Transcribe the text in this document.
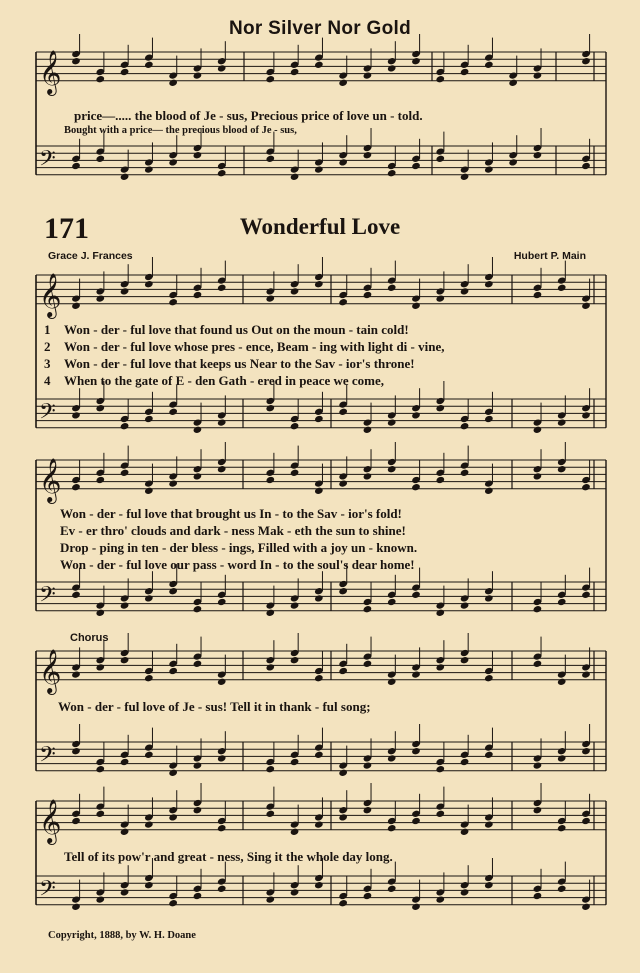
Nor Silver Nor Gold
𝄞
𝄢
𝄞
𝄢
𝄞
𝄢
𝄞
𝄢
𝄞
𝄢
price—..... the blood of Je - sus, Precious price of love un - told.
Bought with a price— the precious blood of Je - sus,
171	Wonderful Love
Grace J. Frances	Hubert P. Main
1 Won - der - ful love that found us Out on the moun - tain cold!
2 Won - der - ful love whose pres - ence, Beam - ing with light di - vine,
3 Won - der - ful love that keeps us Near to the Sav - ior's throne!
4 When to the gate of E - den Gath - ered in peace we come,
Won - der - ful love that brought us In - to the Sav - ior's fold!
Ev - er thro' clouds and dark - ness Mak - eth the sun to shine!
Drop - ping in ten - der bless - ings, Filled with a joy un - known.
Won - der - ful love our pass - word In - to the soul's dear home!
Chorus
Won - der - ful love of Je - sus! Tell it in thank - ful song;
Tell of its pow'r and great - ness, Sing it the whole day long.
Copyright, 1888, by W. H. Doane
